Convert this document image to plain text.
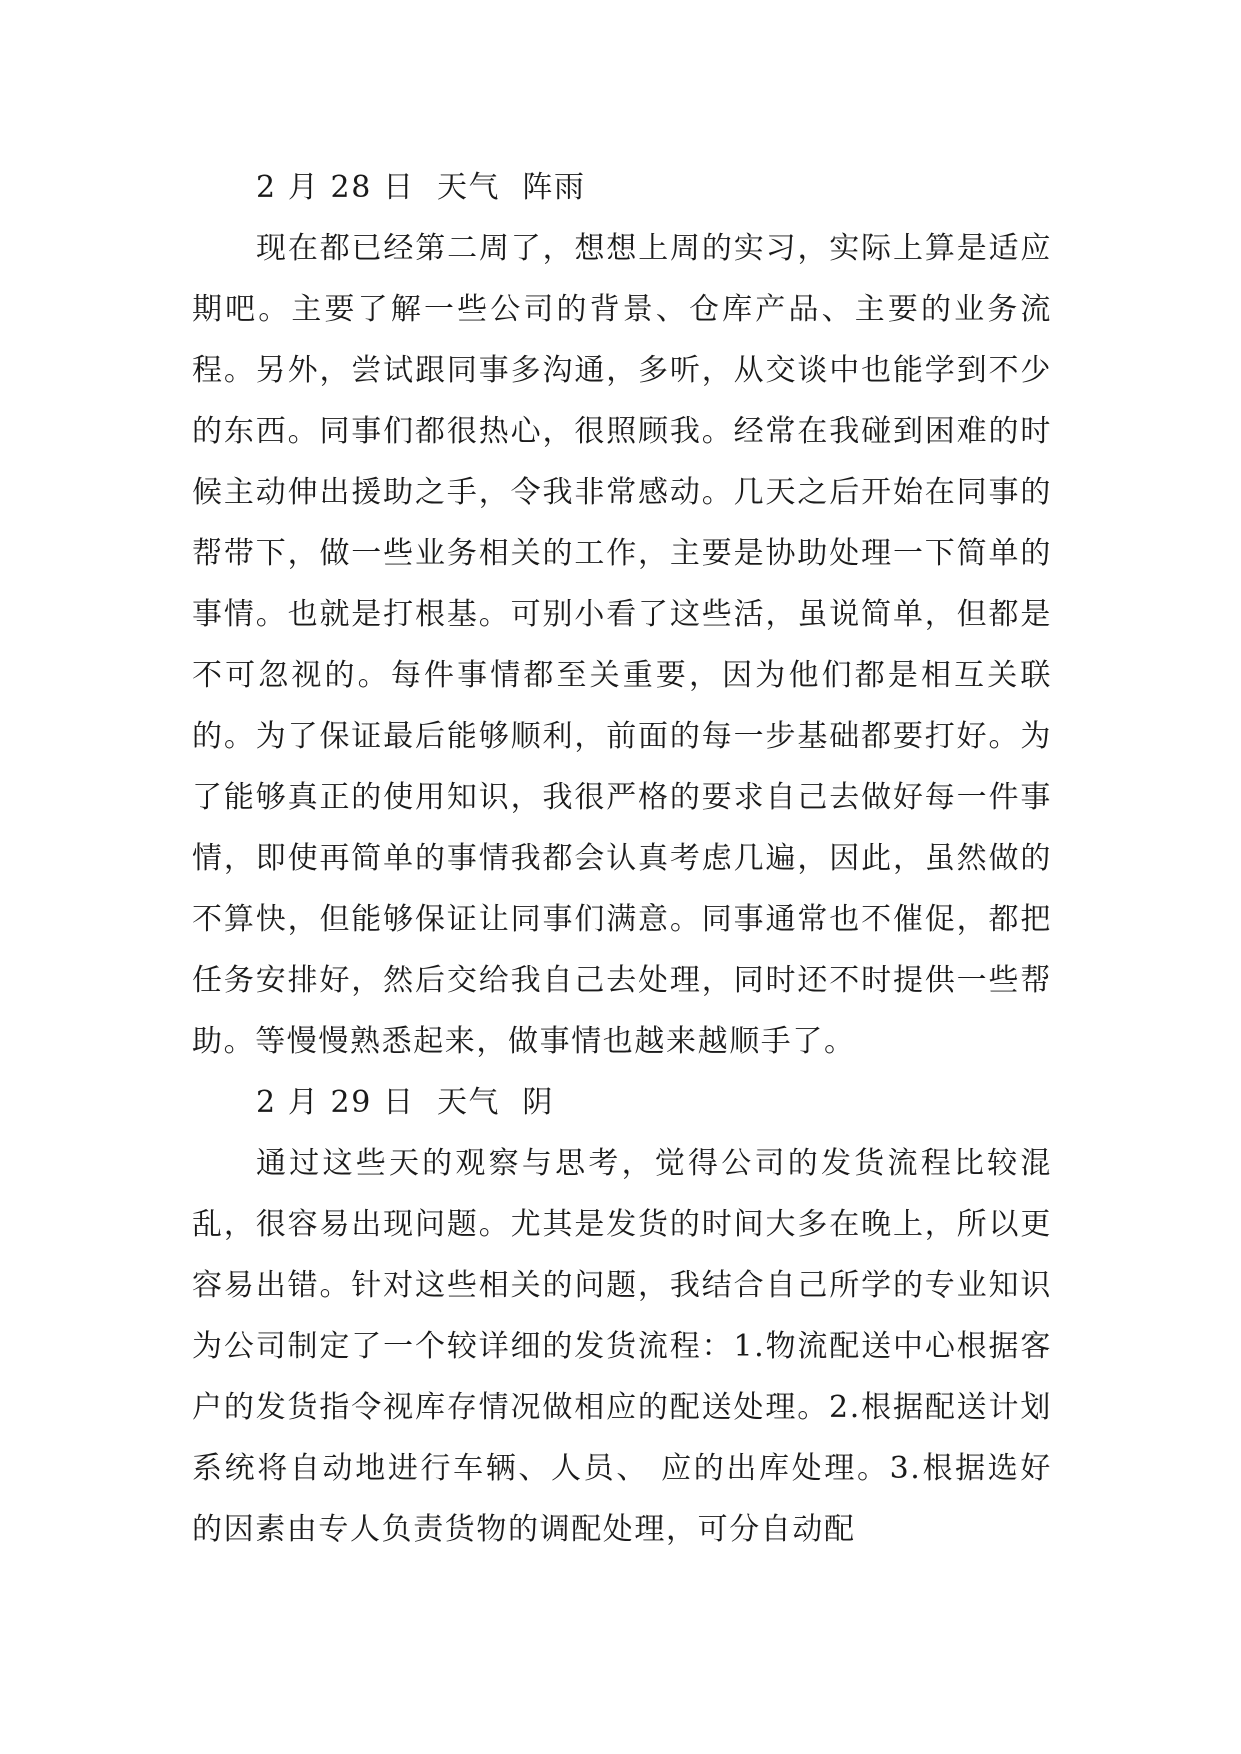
2 月 28 日  天气  阵雨

现在都已经第二周了，想想上周的实习，实际上算是适应期吧。主要了解一些公司的背景、仓库产品、主要的业务流程。另外，尝试跟同事多沟通，多听，从交谈中也能学到不少的东西。同事们都很热心，很照顾我。经常在我碰到困难的时候主动伸出援助之手，令我非常感动。几天之后开始在同事的帮带下，做一些业务相关的工作，主要是协助处理一下简单的事情。也就是打根基。可别小看了这些活，虽说简单，但都是不可忽视的。每件事情都至关重要，因为他们都是相互关联的。为了保证最后能够顺利，前面的每一步基础都要打好。为了能够真正的使用知识，我很严格的要求自己去做好每一件事情，即使再简单的事情我都会认真考虑几遍，因此，虽然做的不算快，但能够保证让同事们满意。同事通常也不催促，都把任务安排好，然后交给我自己去处理，同时还不时提供一些帮助。等慢慢熟悉起来，做事情也越来越顺手了。

2 月 29 日  天气  阴

通过这些天的观察与思考，觉得公司的发货流程比较混乱，很容易出现问题。尤其是发货的时间大多在晚上，所以更容易出错。针对这些相关的问题，我结合自己所学的专业知识为公司制定了一个较详细的发货流程：1.物流配送中心根据客户的发货指令视库存情况做相应的配送处理。2.根据配送计划系统将自动地进行车辆、人员、 应的出库处理。3.根据选好的因素由专人负责货物的调配处理，可分自动配
